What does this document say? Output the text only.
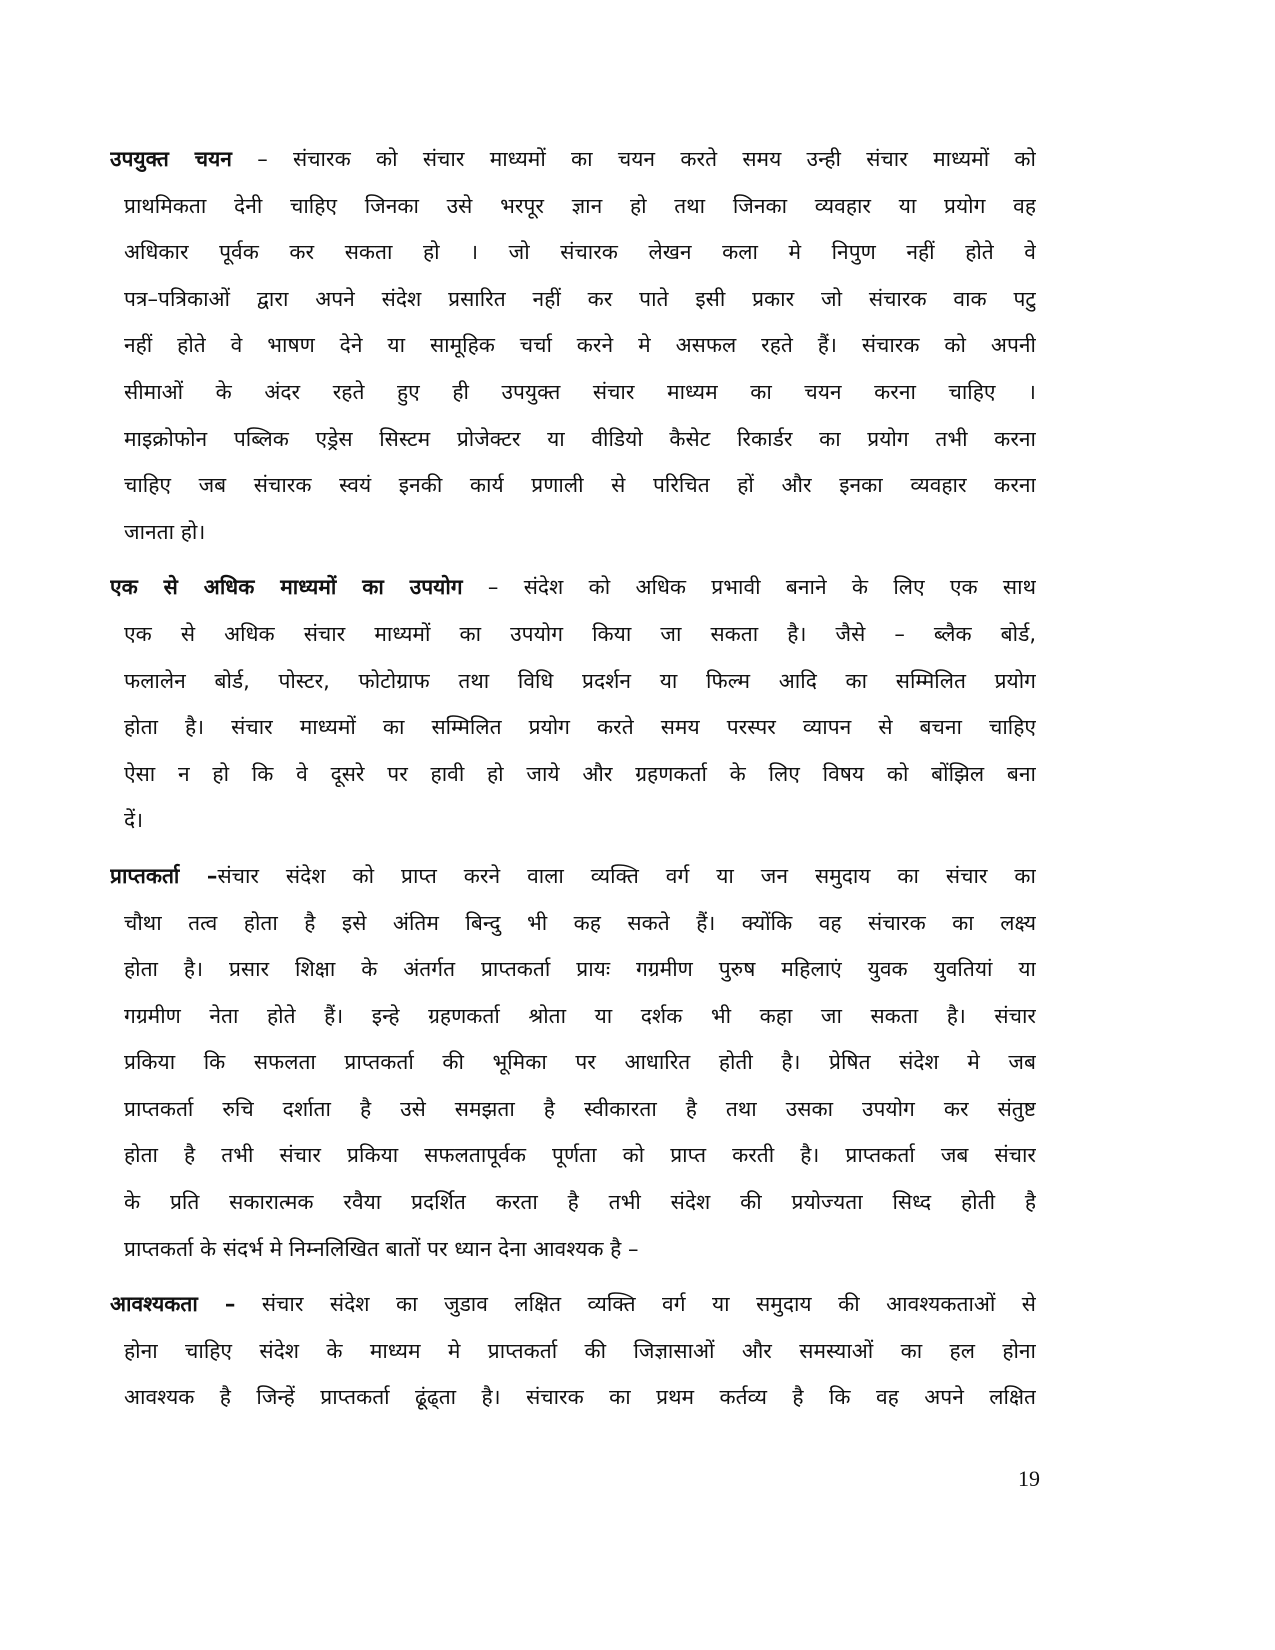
उपयुक्त चयन – संचारक को संचार माध्यमों का चयन करते समय उन्ही संचार माध्यमों को
प्राथमिकता देनी चाहिए जिनका उसे भरपूर ज्ञान हो तथा जिनका व्यवहार या प्रयोग वह
अधिकार पूर्वक कर सकता हो । जो संचारक लेखन कला मे निपुण नहीं होते वे
पत्र–पत्रिकाओं द्वारा अपने संदेश प्रसारित नहीं कर पाते इसी प्रकार जो संचारक वाक पटु
नहीं होते वे भाषण देने या सामूहिक चर्चा करने मे असफल रहते हैं। संचारक को अपनी
सीमाओं के अंदर रहते हुए ही उपयुक्त संचार माध्यम का चयन करना चाहिए ।
माइक्रोफोन पब्लिक एड्रेस सिस्टम प्रोजेक्टर या वीडियो कैसेट रिकार्डर का प्रयोग तभी करना
चाहिए जब संचारक स्वयं इनकी कार्य प्रणाली से परिचित हों और इनका व्यवहार करना
जानता हो।
एक से अधिक माध्यमों का उपयोग – संदेश को अधिक प्रभावी बनाने के लिए एक साथ
एक से अधिक संचार माध्यमों का उपयोग किया जा सकता है। जैसे – ब्लैक बोर्ड,
फलालेन बोर्ड, पोस्टर, फोटोग्राफ तथा विधि प्रदर्शन या फिल्म आदि का सम्मिलित प्रयोग
होता है। संचार माध्यमों का सम्मिलित प्रयोग करते समय परस्पर व्यापन से बचना चाहिए
ऐसा न हो कि वे दूसरे पर हावी हो जाये और ग्रहणकर्ता के लिए विषय को बोंझिल बना
दें।
प्राप्तकर्ता –संचार संदेश को प्राप्त करने वाला व्यक्ति वर्ग या जन समुदाय का संचार का
चौथा तत्व होता है इसे अंतिम बिन्दु भी कह सकते हैं। क्योंकि वह संचारक का लक्ष्य
होता है। प्रसार शिक्षा के अंतर्गत प्राप्तकर्ता प्रायः गग्रमीण पुरुष महिलाएं युवक युवतियां या
गग्रमीण नेता होते हैं। इन्हे ग्रहणकर्ता श्रोता या दर्शक भी कहा जा सकता है। संचार
प्रकिया कि सफलता प्राप्तकर्ता की भूमिका पर आधारित होती है। प्रेषित संदेश मे जब
प्राप्तकर्ता रुचि दर्शाता है उसे समझता है स्वीकारता है तथा उसका उपयोग कर संतुष्ट
होता है तभी संचार प्रकिया सफलतापूर्वक पूर्णता को प्राप्त करती है। प्राप्तकर्ता जब संचार
के प्रति सकारात्मक रवैया प्रदर्शित करता है तभी संदेश की प्रयोज्यता सिध्द होती है
प्राप्तकर्ता के संदर्भ मे निम्नलिखित बातों पर ध्यान देना आवश्यक है –
आवश्यकता – संचार संदेश का जुडाव लक्षित व्यक्ति वर्ग या समुदाय की आवश्यकताओं से
होना चाहिए संदेश के माध्यम मे प्राप्तकर्ता की जिज्ञासाओं और समस्याओं का हल होना
आवश्यक है जिन्हें प्राप्तकर्ता ढूंढ्ता है। संचारक का प्रथम कर्तव्य है कि वह अपने लक्षित
19
